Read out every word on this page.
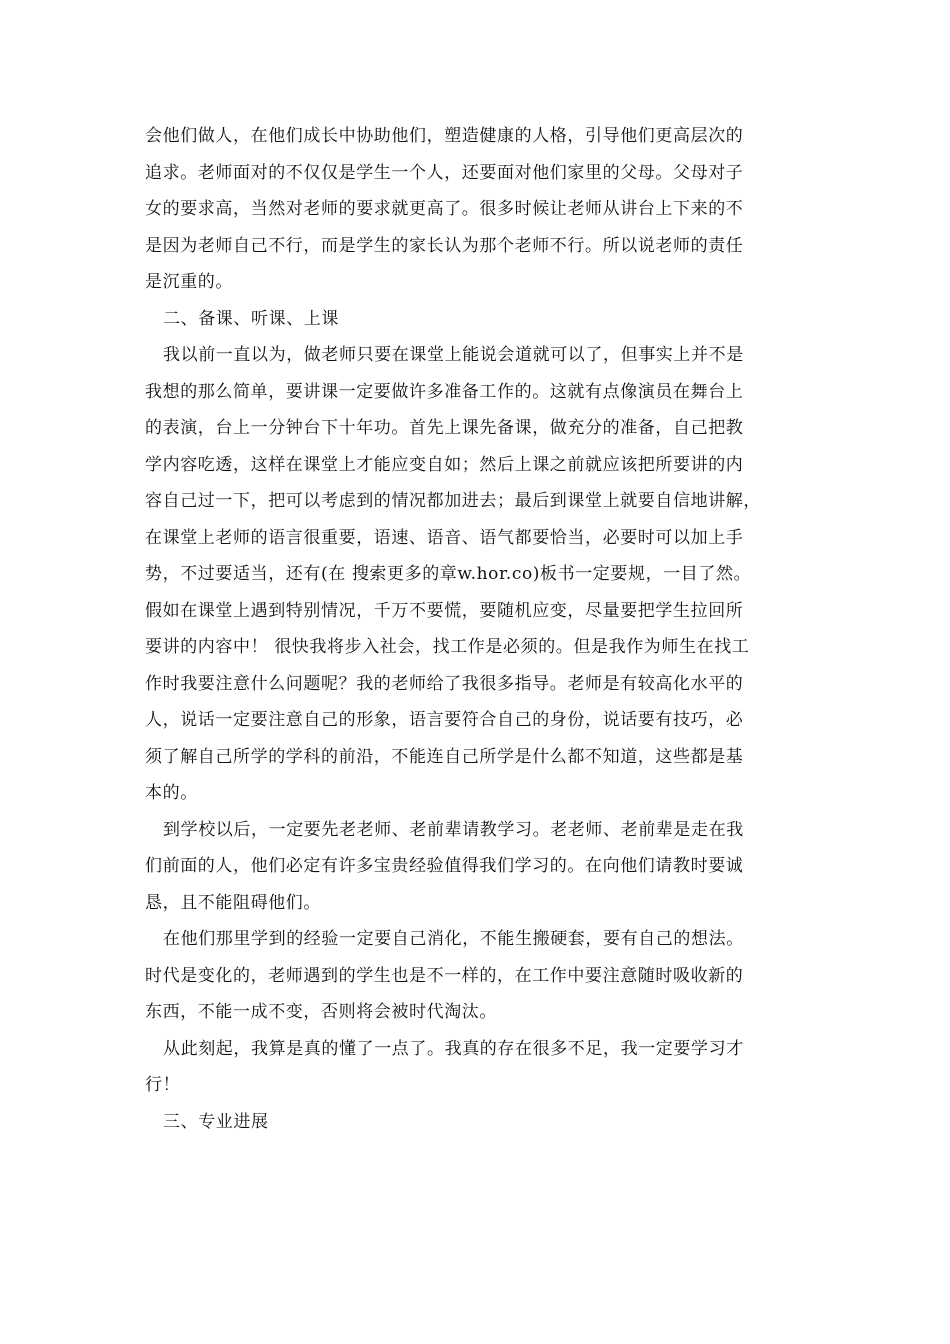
会他们做人，在他们成长中协助他们，塑造健康的人格，引导他们更高层次的
追求。老师面对的不仅仅是学生一个人，还要面对他们家里的父母。父母对子
女的要求高，当然对老师的要求就更高了。很多时候让老师从讲台上下来的不
是因为老师自己不行，而是学生的家长认为那个老师不行。所以说老师的责任
是沉重的。
二、备课、听课、上课
我以前一直以为，做老师只要在课堂上能说会道就可以了，但事实上并不是
我想的那么简单，要讲课一定要做许多准备工作的。这就有点像演员在舞台上
的表演，台上一分钟台下十年功。首先上课先备课，做充分的准备，自己把教
学内容吃透，这样在课堂上才能应变自如；然后上课之前就应该把所要讲的内
容自己过一下，把可以考虑到的情况都加进去；最后到课堂上就要自信地讲解，
在课堂上老师的语言很重要，语速、语音、语气都要恰当，必要时可以加上手
势，不过要适当，还有(在 搜索更多的章w.hor.co)板书一定要规，一目了然。
假如在课堂上遇到特别情况，千万不要慌，要随机应变，尽量要把学生拉回所
要讲的内容中！ 很快我将步入社会，找工作是必须的。但是我作为师生在找工
作时我要注意什么问题呢？我的老师给了我很多指导。老师是有较高化水平的
人，说话一定要注意自己的形象，语言要符合自己的身份，说话要有技巧，必
须了解自己所学的学科的前沿，不能连自己所学是什么都不知道，这些都是基
本的。
到学校以后，一定要先老老师、老前辈请教学习。老老师、老前辈是走在我
们前面的人，他们必定有许多宝贵经验值得我们学习的。在向他们请教时要诚
恳，且不能阻碍他们。
在他们那里学到的经验一定要自己消化，不能生搬硬套，要有自己的想法。
时代是变化的，老师遇到的学生也是不一样的，在工作中要注意随时吸收新的
东西，不能一成不变，否则将会被时代淘汰。
从此刻起，我算是真的懂了一点了。我真的存在很多不足，我一定要学习才
行！
三、专业进展
